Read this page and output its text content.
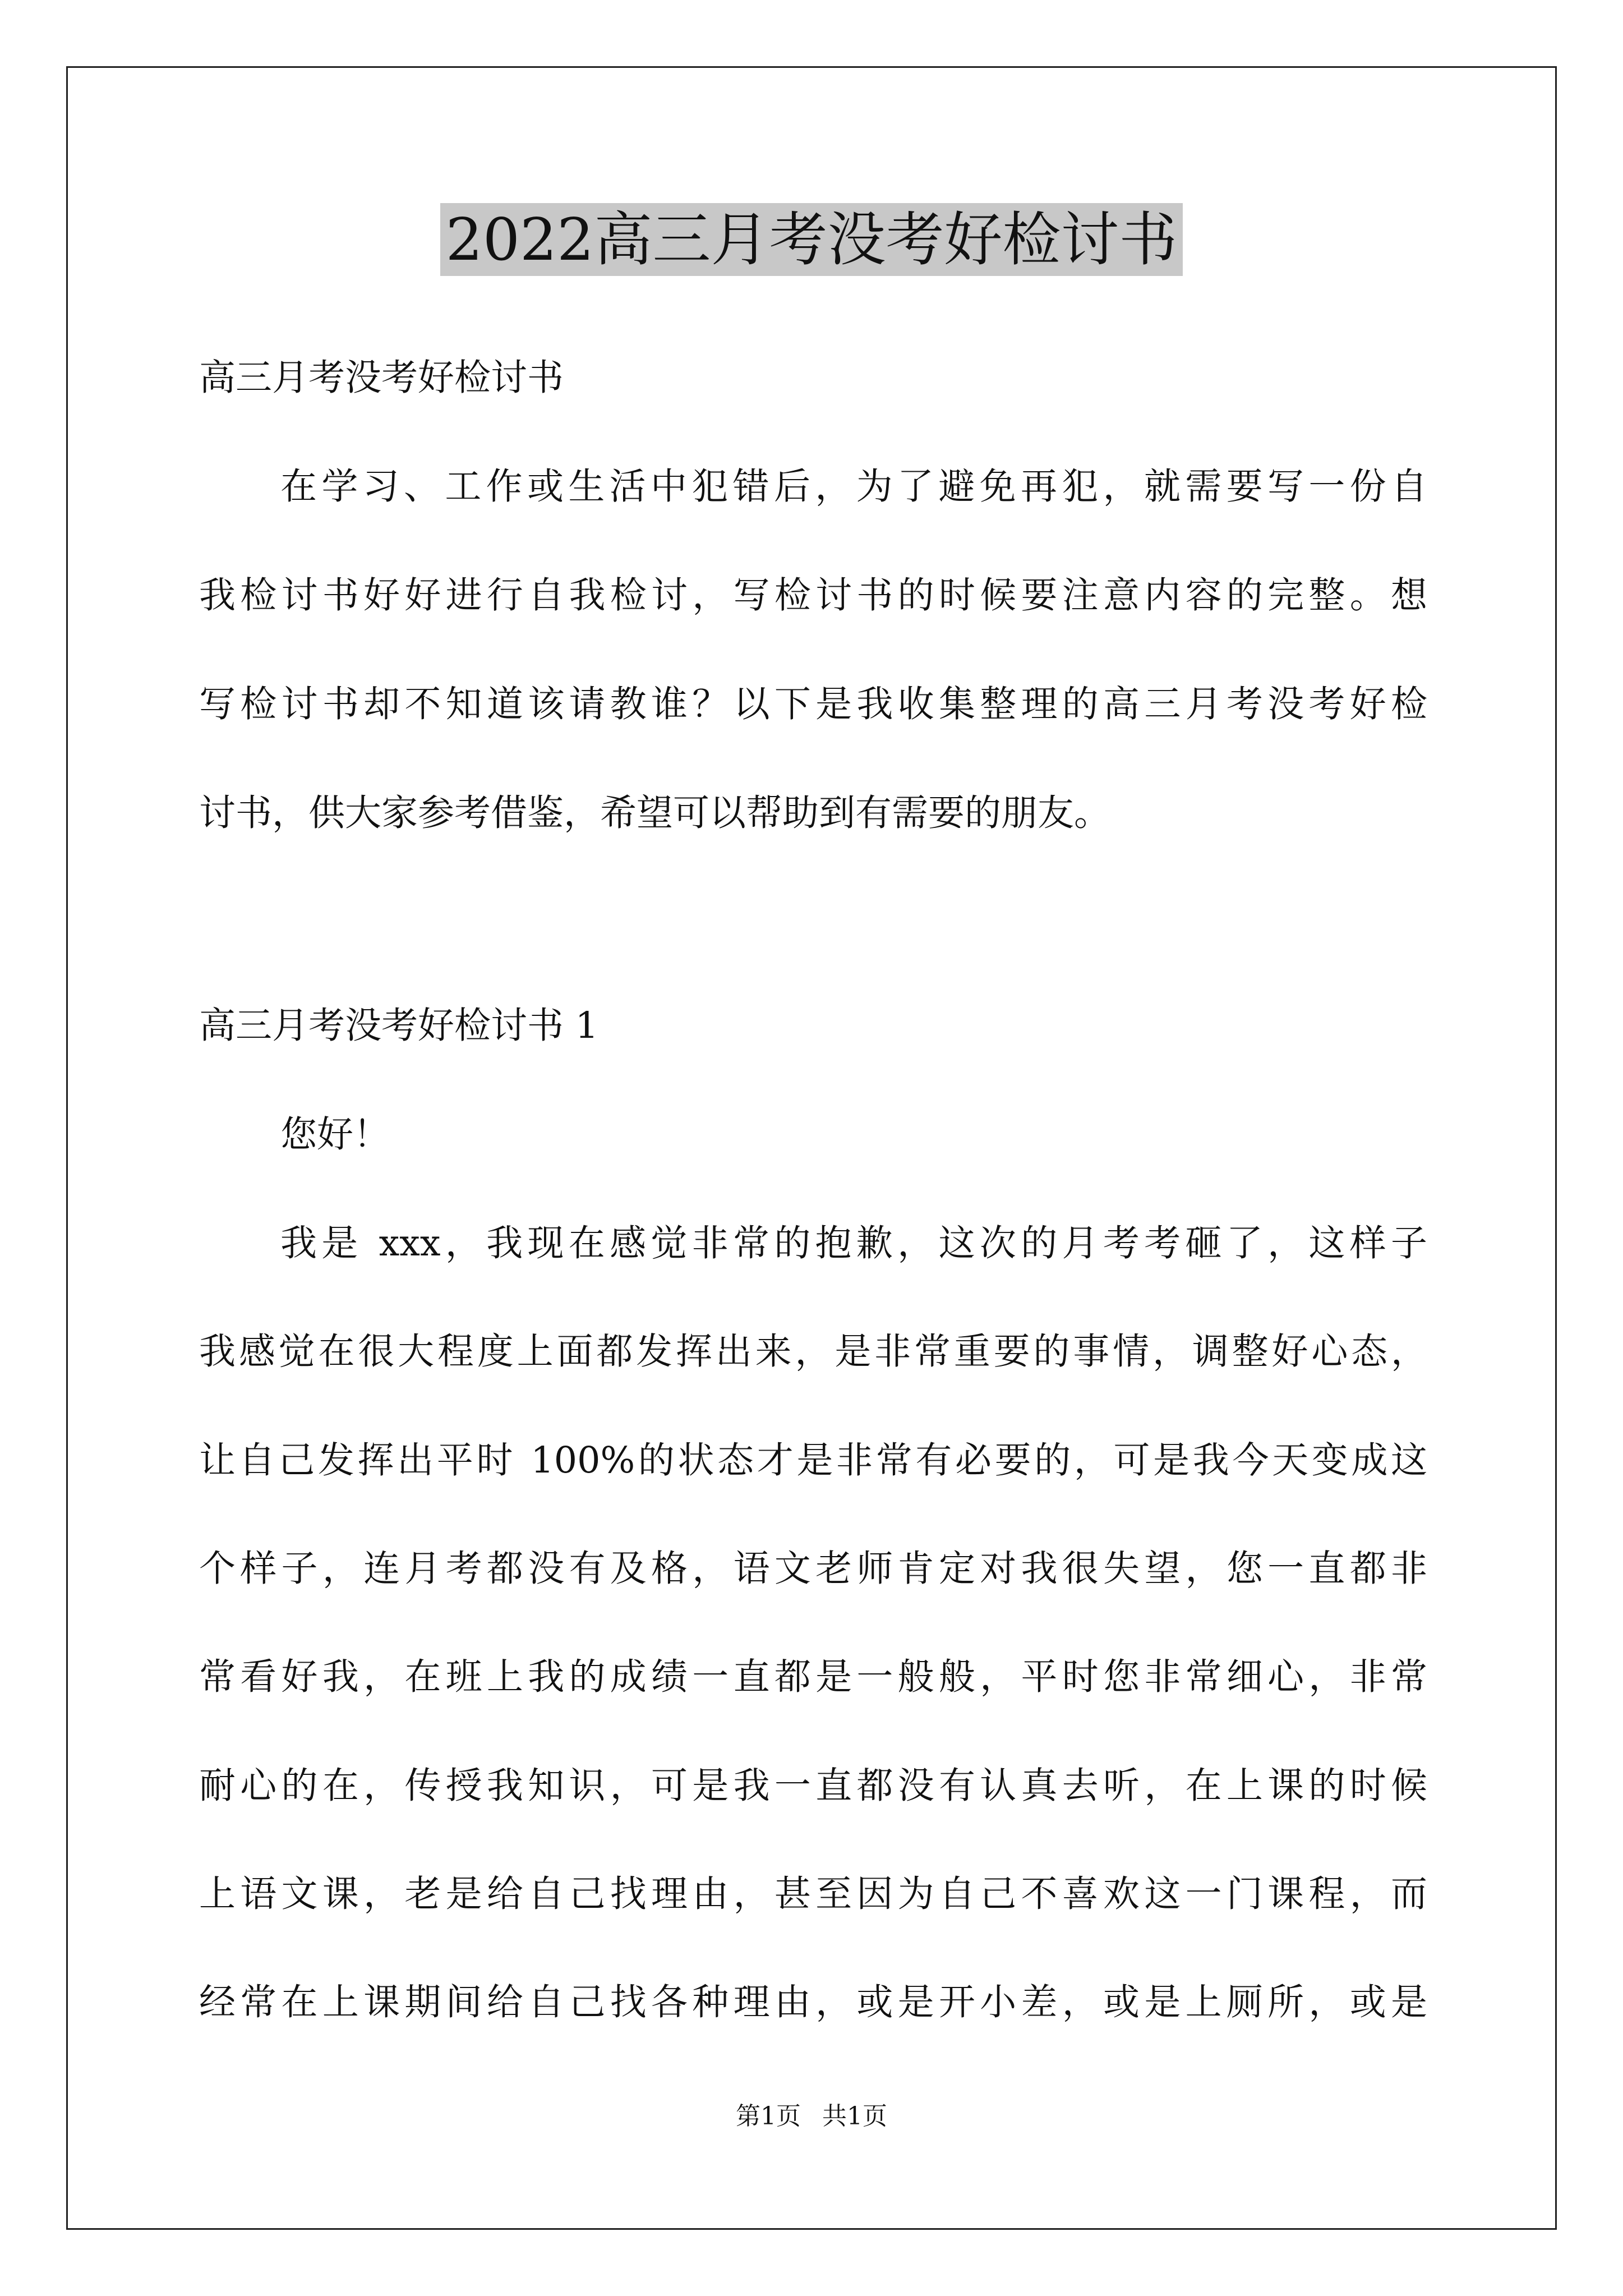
2022高三月考没考好检讨书
高三月考没考好检讨书
在学习、工作或生活中犯错后，为了避免再犯，就需要写一份自
我检讨书好好进行自我检讨，写检讨书的时候要注意内容的完整。想
写检讨书却不知道该请教谁？以下是我收集整理的高三月考没考好检
讨书，供大家参考借鉴，希望可以帮助到有需要的朋友。
高三月考没考好检讨书 1
您好！
我是 xxx，我现在感觉非常的抱歉，这次的月考考砸了，这样子
我感觉在很大程度上面都发挥出来，是非常重要的事情，调整好心态，
让自己发挥出平时 100%的状态才是非常有必要的，可是我今天变成这
个样子，连月考都没有及格，语文老师肯定对我很失望，您一直都非
常看好我，在班上我的成绩一直都是一般般，平时您非常细心，非常
耐心的在，传授我知识，可是我一直都没有认真去听，在上课的时候
上语文课，老是给自己找理由，甚至因为自己不喜欢这一门课程，而
经常在上课期间给自己找各种理由，或是开小差，或是上厕所，或是
第1页 共1页
